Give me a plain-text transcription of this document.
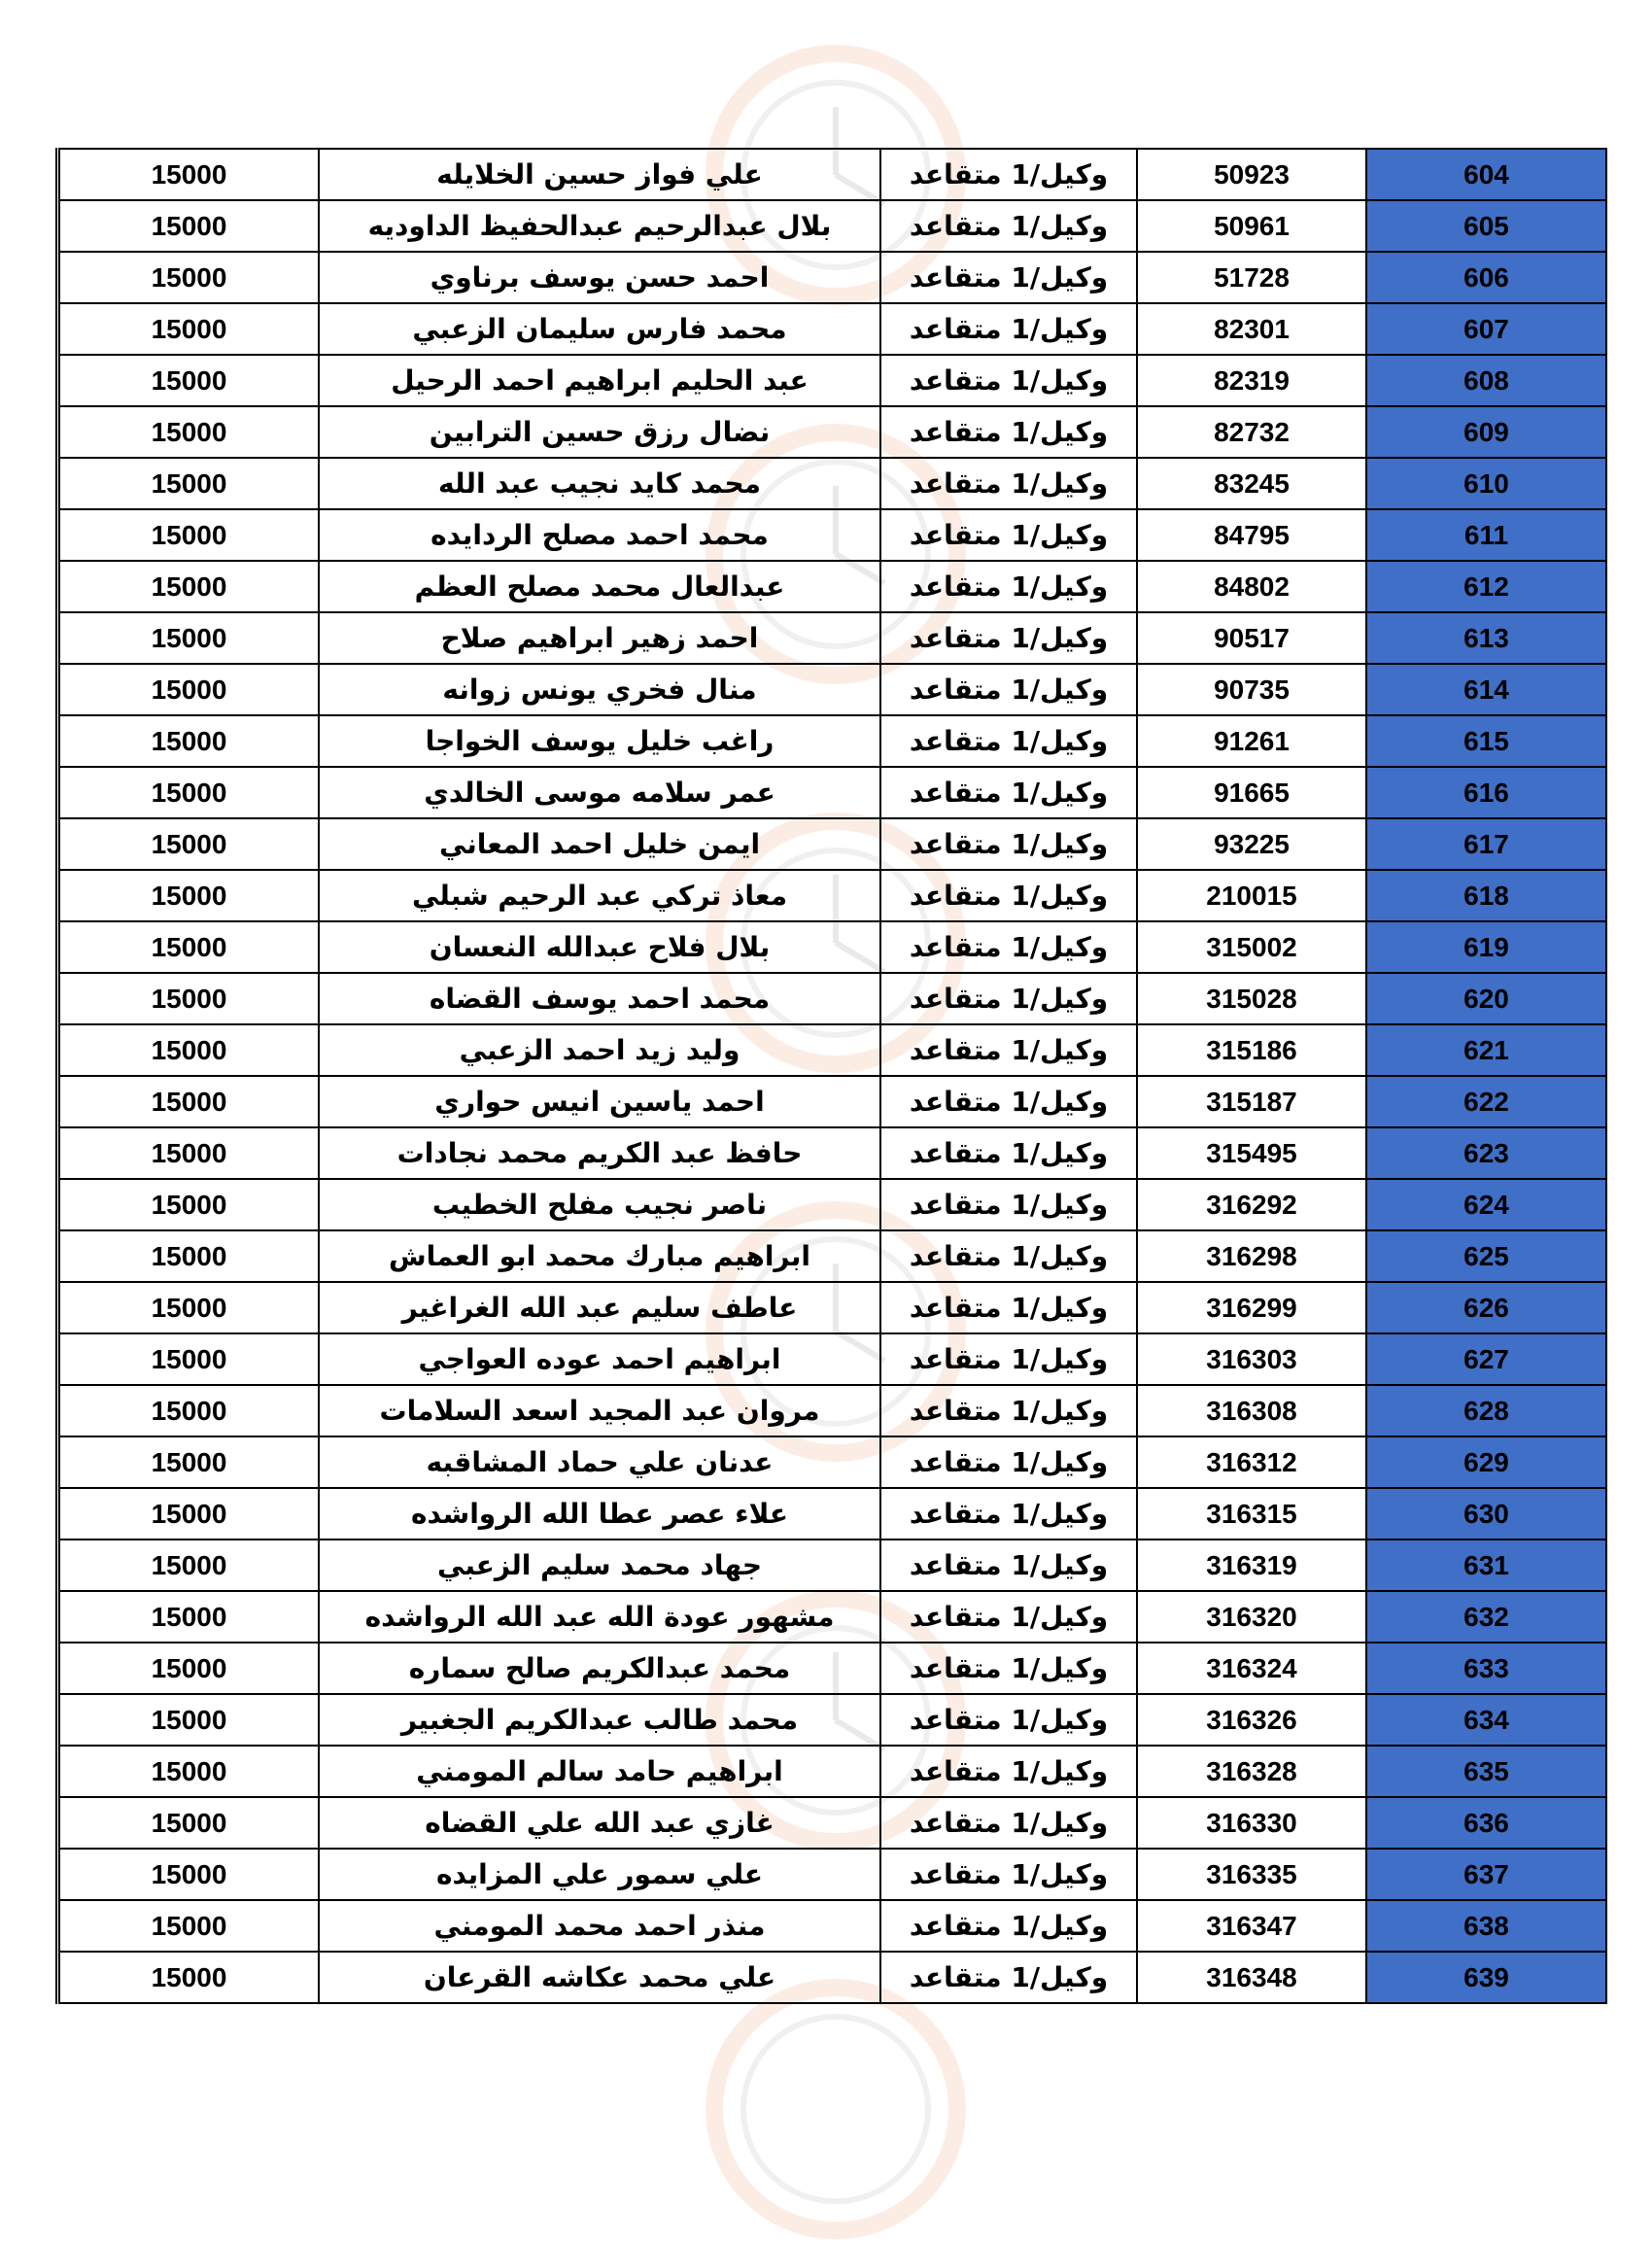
15000	علي فواز حسين الخلايله	وكيل/1 متقاعد	50923	604
15000	بلال عبدالرحيم عبدالحفيظ الداوديه	وكيل/1 متقاعد	50961	605
15000	احمد حسن يوسف برناوي	وكيل/1 متقاعد	51728	606
15000	محمد فارس سليمان الزعبي	وكيل/1 متقاعد	82301	607
15000	عبد الحليم ابراهيم احمد الرحيل	وكيل/1 متقاعد	82319	608
15000	نضال رزق حسين الترابين	وكيل/1 متقاعد	82732	609
15000	محمد كايد نجيب عبد الله	وكيل/1 متقاعد	83245	610
15000	محمد احمد مصلح الردايده	وكيل/1 متقاعد	84795	611
15000	عبدالعال محمد مصلح العظم	وكيل/1 متقاعد	84802	612
15000	احمد زهير ابراهيم صلاح	وكيل/1 متقاعد	90517	613
15000	منال فخري يونس زوانه	وكيل/1 متقاعد	90735	614
15000	راغب خليل يوسف الخواجا	وكيل/1 متقاعد	91261	615
15000	عمر سلامه موسى الخالدي	وكيل/1 متقاعد	91665	616
15000	ايمن خليل احمد المعاني	وكيل/1 متقاعد	93225	617
15000	معاذ تركي عبد الرحيم شبلي	وكيل/1 متقاعد	210015	618
15000	بلال فلاح عبدالله النعسان	وكيل/1 متقاعد	315002	619
15000	محمد احمد يوسف القضاه	وكيل/1 متقاعد	315028	620
15000	وليد زيد احمد الزعبي	وكيل/1 متقاعد	315186	621
15000	احمد ياسين انيس حواري	وكيل/1 متقاعد	315187	622
15000	حافظ عبد الكريم محمد نجادات	وكيل/1 متقاعد	315495	623
15000	ناصر نجيب مفلح الخطيب	وكيل/1 متقاعد	316292	624
15000	ابراهيم مبارك محمد ابو العماش	وكيل/1 متقاعد	316298	625
15000	عاطف سليم عبد الله الغراغير	وكيل/1 متقاعد	316299	626
15000	ابراهيم احمد عوده العواجي	وكيل/1 متقاعد	316303	627
15000	مروان عبد المجيد اسعد السلامات	وكيل/1 متقاعد	316308	628
15000	عدنان علي حماد المشاقبه	وكيل/1 متقاعد	316312	629
15000	علاء عصر عطا الله الرواشده	وكيل/1 متقاعد	316315	630
15000	جهاد محمد سليم الزعبي	وكيل/1 متقاعد	316319	631
15000	مشهور عودة الله عبد الله الرواشده	وكيل/1 متقاعد	316320	632
15000	محمد عبدالكريم صالح سماره	وكيل/1 متقاعد	316324	633
15000	محمد طالب عبدالكريم الجغبير	وكيل/1 متقاعد	316326	634
15000	ابراهيم حامد سالم المومني	وكيل/1 متقاعد	316328	635
15000	غازي عبد الله علي القضاه	وكيل/1 متقاعد	316330	636
15000	علي سمور علي المزايده	وكيل/1 متقاعد	316335	637
15000	منذر احمد محمد المومني	وكيل/1 متقاعد	316347	638
15000	علي محمد عكاشه القرعان	وكيل/1 متقاعد	316348	639
